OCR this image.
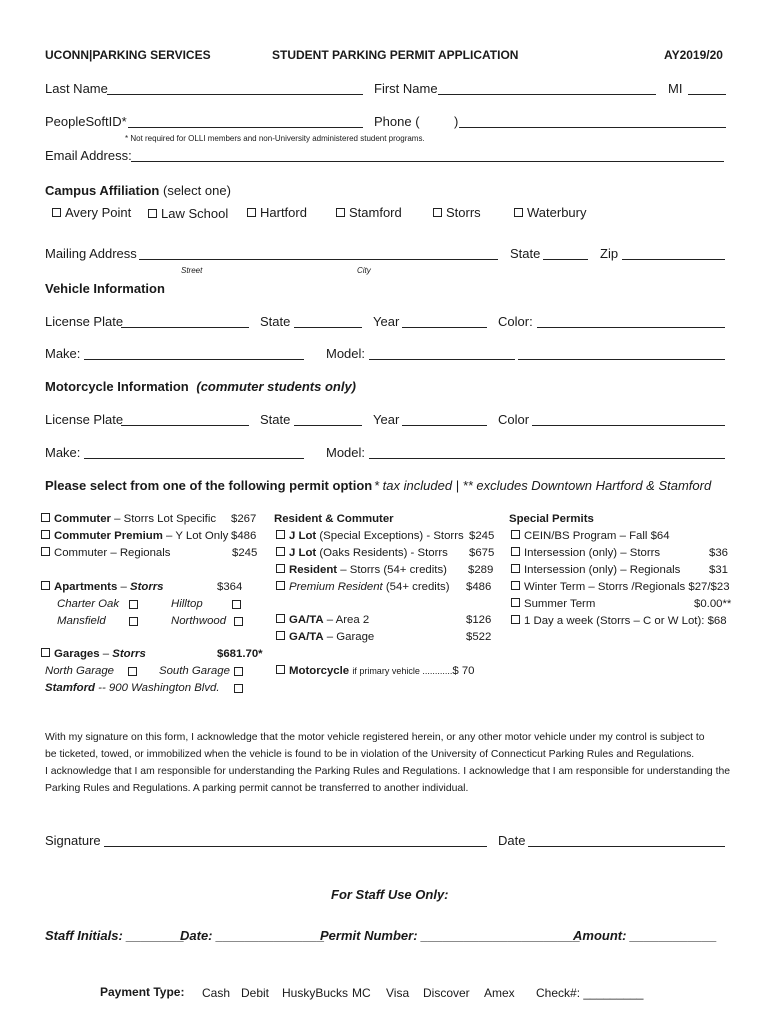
UCONN|PARKING SERVICES	STUDENT PARKING PERMIT APPLICATION	AY2019/20
Last Name	First Name	MI
PeopleSoftID*	Phone (	)
* Not required for OLLI members and non-University administered student programs.
Email Address:
Campus Affiliation (select one)
Avery Point	Law School	Hartford	Stamford	Storrs	Waterbury
Mailing Address	State	Zip
Street	City
Vehicle Information
License Plate	State	Year	Color:
Make:	Model:
Motorcycle Information (commuter students only)
License Plate	State	Year	Color
Make:	Model:
Please select from one of the following permit option * tax included | ** excludes Downtown Hartford & Stamford
Commuter – Storrs Lot Specific $267
Commuter Premium – Y Lot Only $486
Commuter – Regionals	$245
Apartments – Storrs	$364
Charter Oak	Hilltop
Mansfield	Northwood
Garages – Storrs	$681.70*
North Garage	South Garage
Stamford -- 900 Washington Blvd.
Resident & Commuter
J Lot (Special Exceptions) - Storrs $245
J Lot (Oaks Residents) - Storrs $675
Resident – Storrs (54+ credits) $289
Premium Resident (54+ credits) $486
GA/TA – Area 2	$126
GA/TA – Garage	$522
Motorcycle if primary vehicle ............$ 70
Special Permits
CEIN/BS Program – Fall $64
Intersession (only) – Storrs	$36
Intersession (only) – Regionals	$31
Winter Term – Storrs /Regionals $27/$23
Summer Term	$0.00**
1 Day a week (Storrs – C or W Lot): $68
With my signature on this form, I acknowledge that the motor vehicle registered herein, or any other motor vehicle under my control is subject to
be ticketed, towed, or immobilized when the vehicle is found to be in violation of the University of Connecticut Parking Rules and Regulations.
I acknowledge that I am responsible for understanding the Parking Rules and Regulations. I acknowledge that I am responsible for understanding the
Parking Rules and Regulations. A parking permit cannot be transferred to another individual.
Signature	Date
For Staff Use Only:
Staff Initials: ________
Date: _______________
Permit Number: ______________________
Amount: ____________
Payment Type: Cash Debit HuskyBucks MC Visa Discover Amex Check#: _________
